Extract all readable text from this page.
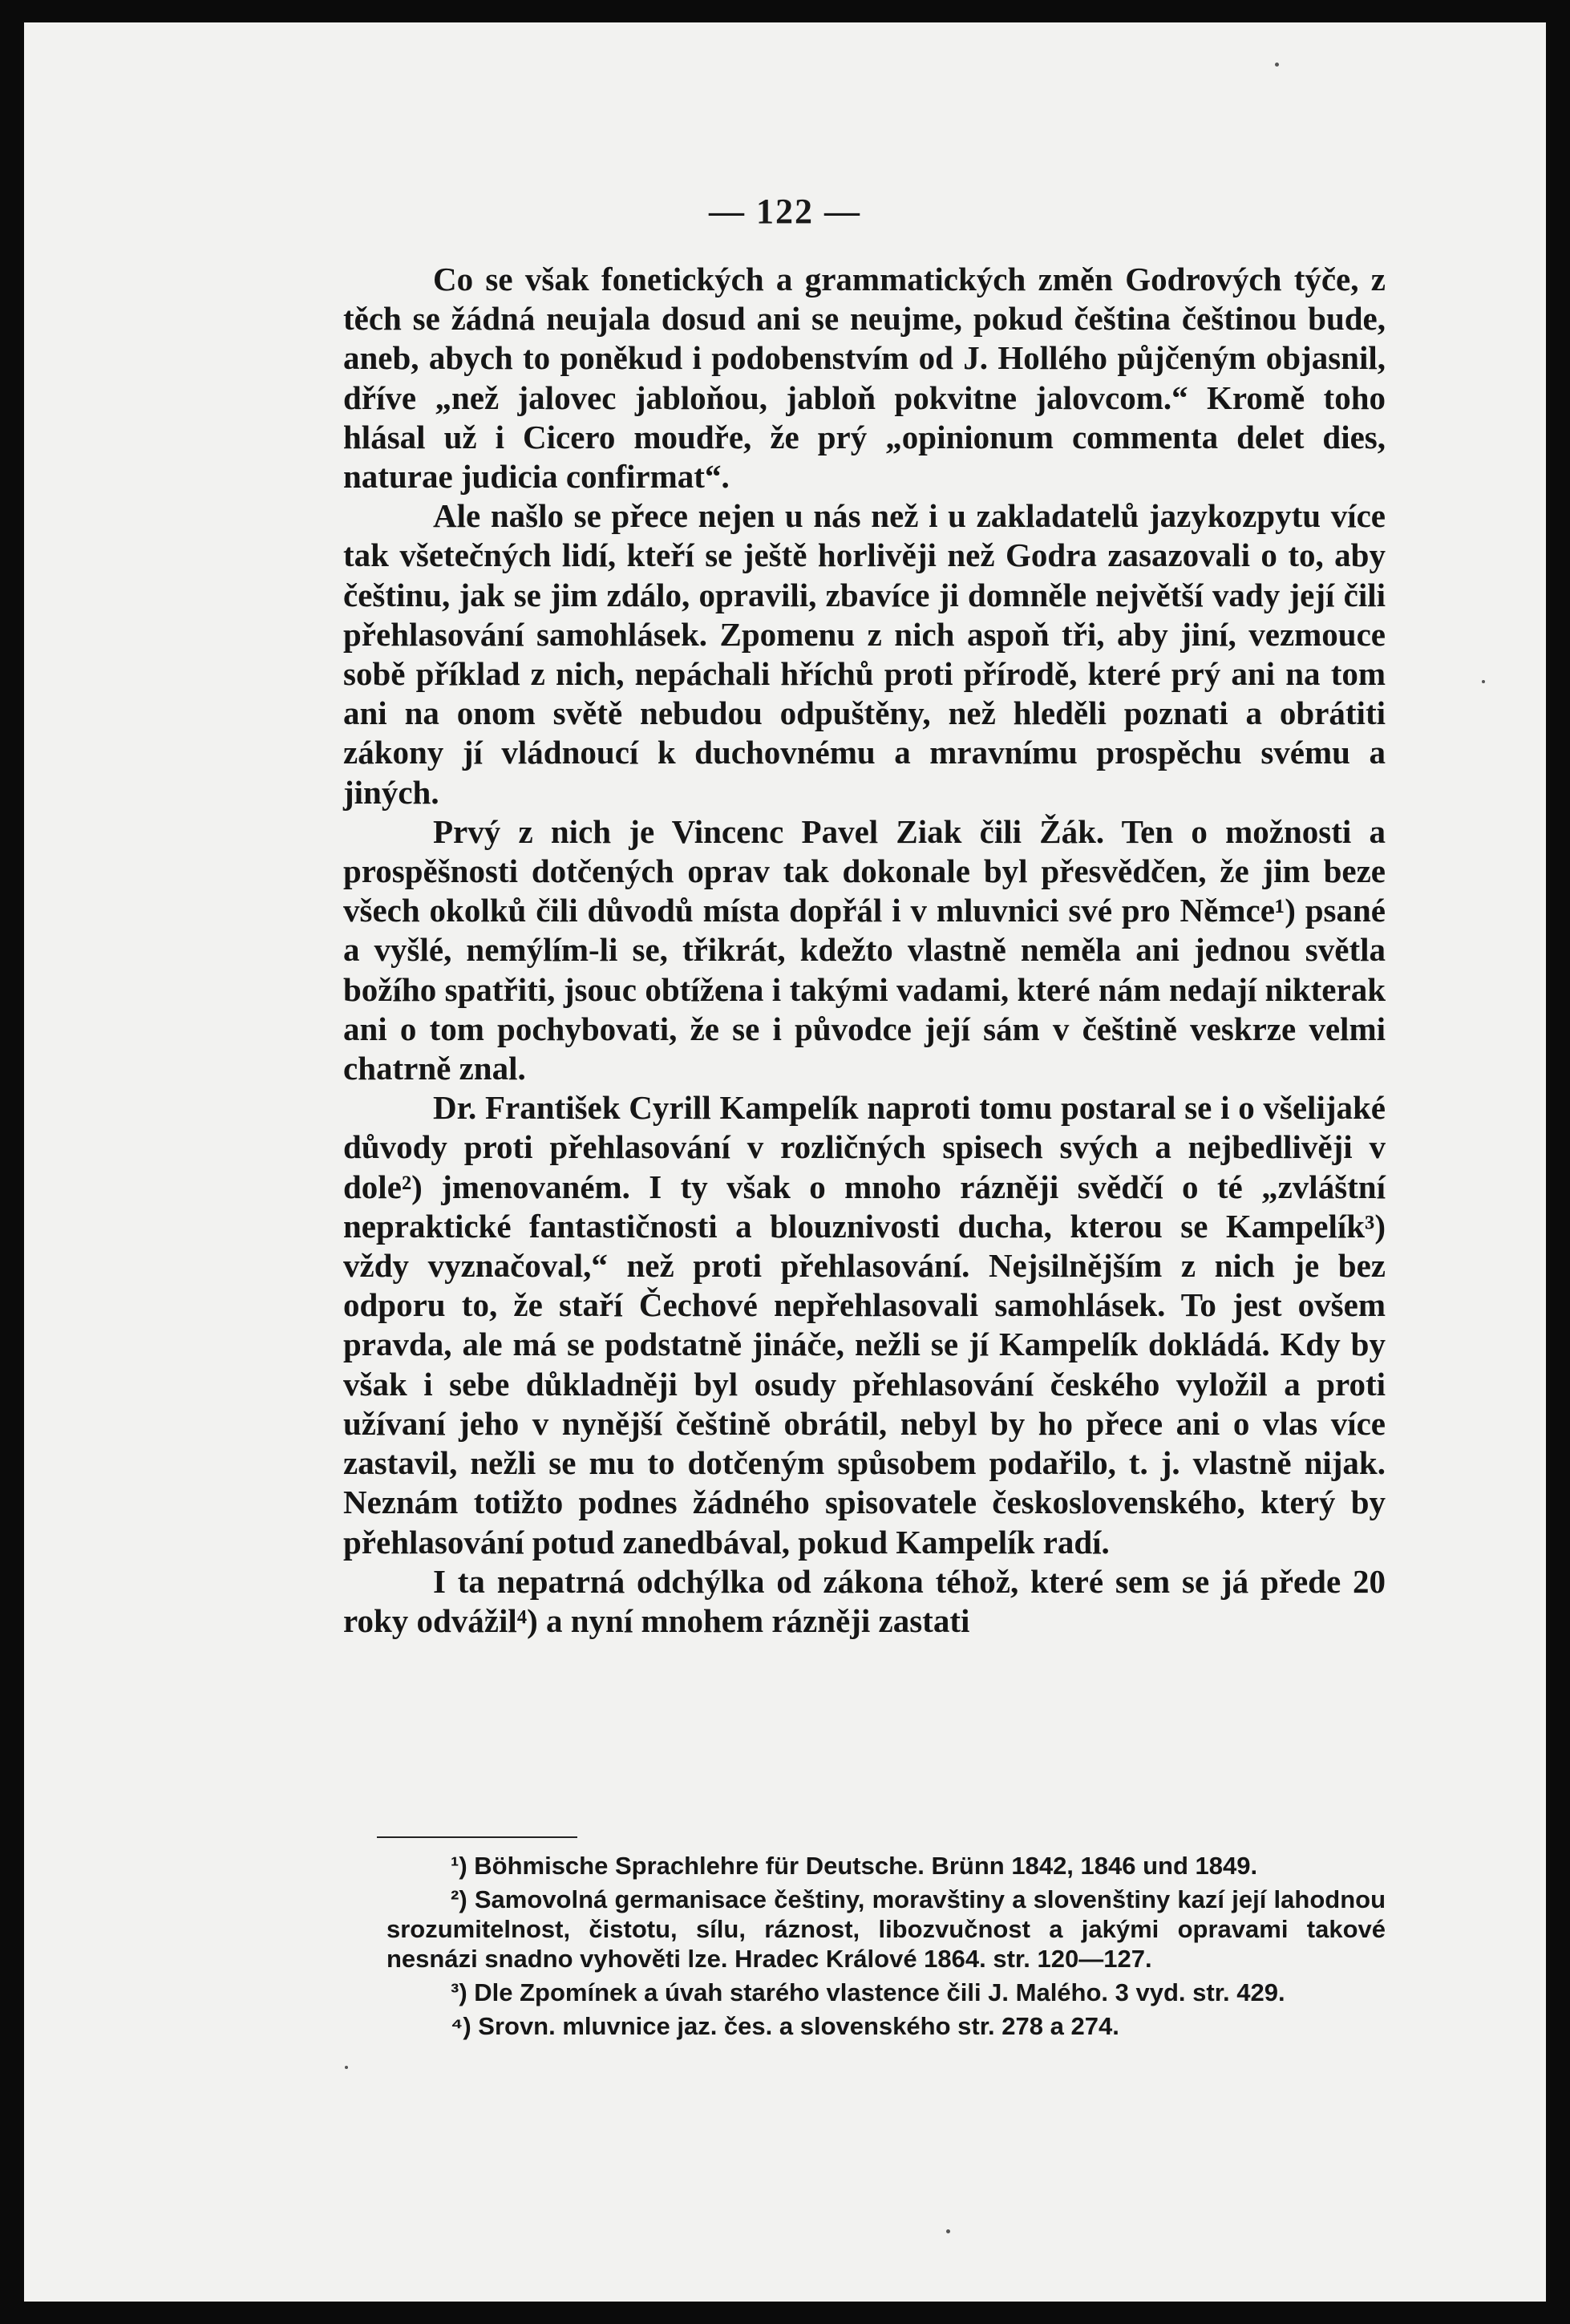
— 122 —

Co se však fonetických a grammatických změn Godrových týče, z těch se žádná neujala dosud ani se neujme, pokud čeština češtinou bude, aneb, abych to poněkud i podobenstvím od J. Hollého půjčeným objasnil, dříve „než jalovec jabloňou, jabloň pokvitne jalovcom.“ Kromě toho hlásal už i Cicero moudře, že prý „opinionum commenta delet dies, naturae judicia confirmat“.

Ale našlo se přece nejen u nás než i u zakladatelů jazykozpytu více tak všetečných lidí, kteří se ještě horlivěji než Godra zasazovali o to, aby češtinu, jak se jim zdálo, opravili, zbavíce ji domněle největší vady její čili přehlasování samohlásek. Zpomenu z nich aspoň tři, aby jiní, vezmouce sobě příklad z nich, nepáchali hříchů proti přírodě, které prý ani na tom ani na onom světě nebudou odpuštěny, než hleděli poznati a obrátiti zákony jí vládnoucí k duchovnému a mravnímu prospěchu svému a jiných.

Prvý z nich je Vincenc Pavel Ziak čili Žák. Ten o možnosti a prospěšnosti dotčených oprav tak dokonale byl přesvědčen, že jim beze všech okolků čili důvodů místa dopřál i v mluvnici své pro Němce¹) psané a vyšlé, nemýlím-li se, třikrát, kdežto vlastně neměla ani jednou světla božího spatřiti, jsouc obtížena i takými vadami, které nám nedají nikterak ani o tom pochybovati, že se i původce její sám v češtině veskrze velmi chatrně znal.

Dr. František Cyrill Kampelík naproti tomu postaral se i o všelijaké důvody proti přehlasování v rozličných spisech svých a nejbedlivěji v dole²) jmenovaném. I ty však o mnoho rázněji svědčí o té „zvláštní nepraktické fantastičnosti a blouznivosti ducha, kterou se Kampelík³) vždy vyznačoval,“ než proti přehlasování. Nejsilnějším z nich je bez odporu to, že staří Čechové nepřehlasovali samohlásek. To jest ovšem pravda, ale má se podstatně jináče, nežli se jí Kampelík dokládá. Kdy by však i sebe důkladněji byl osudy přehlasování českého vyložil a proti užívaní jeho v nynější češtině obrátil, nebyl by ho přece ani o vlas více zastavil, nežli se mu to dotčeným spůsobem podařilo, t. j. vlastně nijak. Neznám totižto podnes žádného spisovatele československého, který by přehlasování potud zanedbával, pokud Kampelík radí.

I ta nepatrná odchýlka od zákona téhož, které sem se já přede 20 roky odvážil⁴) a nyní mnohem rázněji zastati

¹) Böhmische Sprachlehre für Deutsche. Brünn 1842, 1846 und 1849.

²) Samovolná germanisace češtiny, moravštiny a slovenštiny kazí její lahodnou srozumitelnost, čistotu, sílu, ráznost, libozvučnost a jakými opravami takové nesnázi snadno vyhověti lze. Hradec Králové 1864. str. 120—127.

³) Dle Zpomínek a úvah starého vlastence čili J. Malého. 3 vyd. str. 429.

⁴) Srovn. mluvnice jaz. čes. a slovenského str. 278 a 274.
